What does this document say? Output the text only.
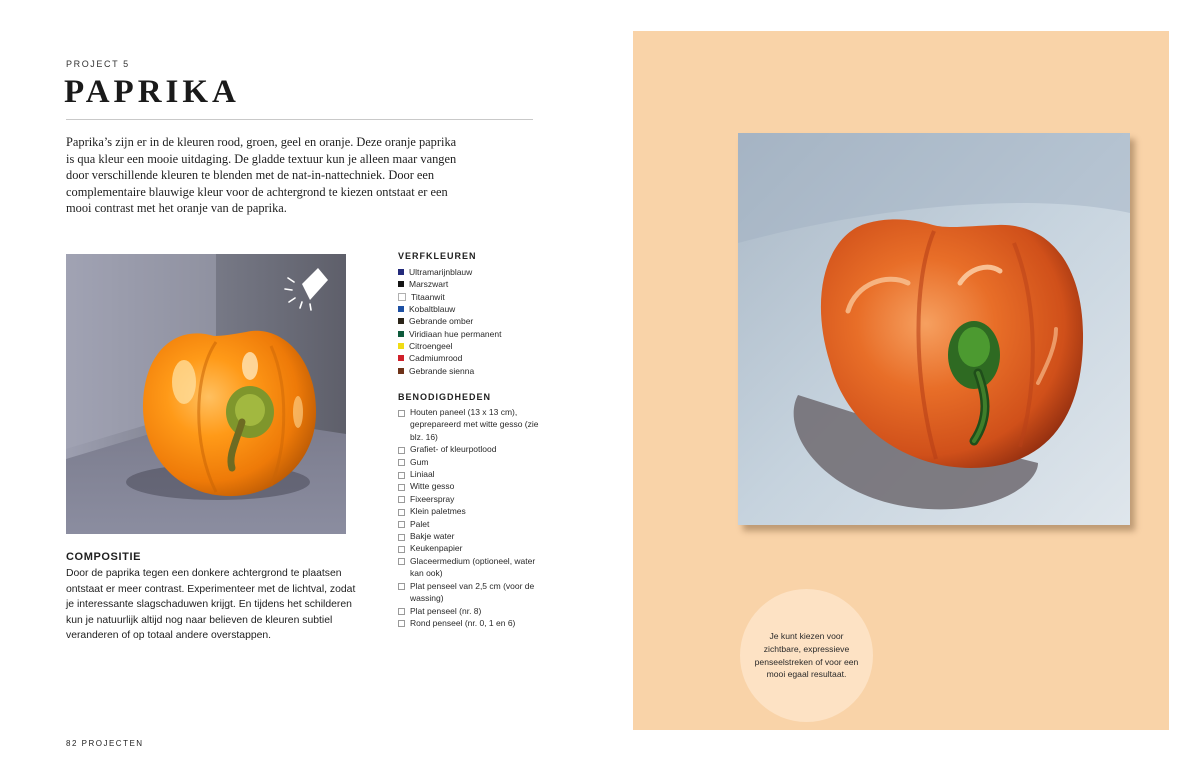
PROJECT 5
PAPRIKA

Paprika’s zijn er in de kleuren rood, groen, geel en oranje. Deze oranje paprika is qua kleur een mooie uitdaging. De gladde textuur kun je alleen maar vangen door verschillende kleuren te blenden met de nat-in-nattechniek. Door een complementaire blauwige kleur voor de achtergrond te kiezen ontstaat er een mooi contrast met het oranje van de paprika.

COMPOSITIE

Door de paprika tegen een donkere achtergrond te plaatsen ontstaat er meer contrast. Experimenteer met de lichtval, zodat je interessante slagschaduwen krijgt. En tijdens het schilderen kun je natuurlijk altijd nog naar believen de kleuren subtiel veranderen of op totaal andere overstappen.

VERFKLEUREN
Ultramarijnblauw
Marszwart
Titaanwit
Kobaltblauw
Gebrande omber
Viridiaan hue permanent
Citroengeel
Cadmiumrood
Gebrande sienna
BENODIGDHEDEN
Houten paneel (13 x 13 cm), geprepareerd met witte gesso (zie blz. 16)
Grafiet- of kleurpotlood
Gum
Liniaal
Witte gesso
Fixeerspray
Klein paletmes
Palet
Bakje water
Keukenpapier
Glaceermedium (optioneel, water kan ook)
Plat penseel van 2,5 cm (voor de wassing)
Plat penseel (nr. 8)
Rond penseel (nr. 0, 1 en 6)
82 PROJECTEN

Je kunt kiezen voor zichtbare, expressieve penseelstreken of voor een mooi egaal resultaat.
